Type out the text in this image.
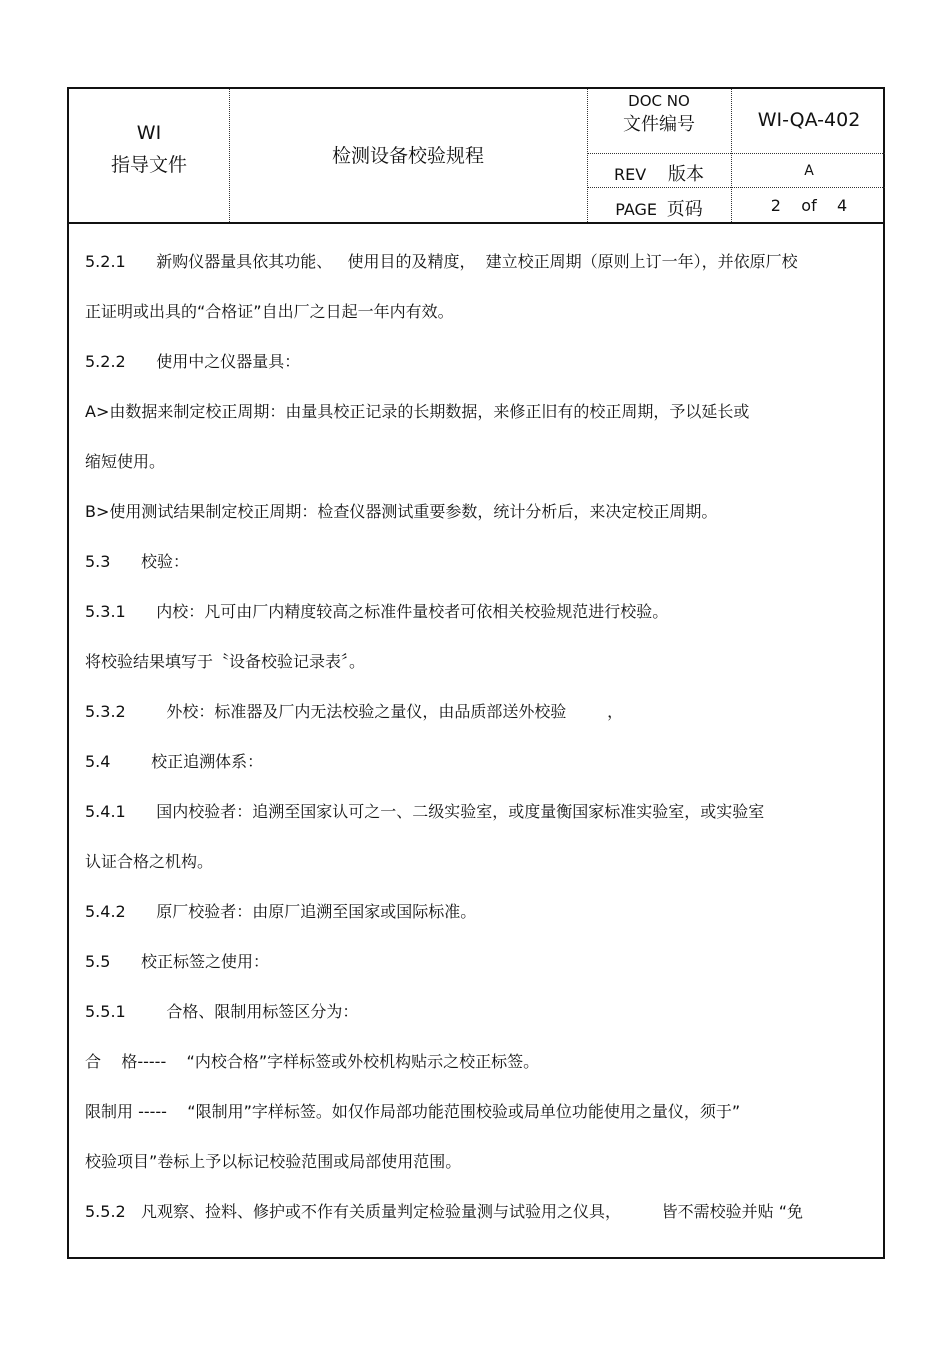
WI
指导文件	检测设备校验规程
DOC NO
文件编号	WI-QA-402
REV 版本	A
PAGE 页码	2    of    4
5.2.1      新购仪器量具依其功能、   使用目的及精度，  建立校正周期（原则上订一年），并依原厂校
正证明或出具的“合格证”自出厂之日起一年内有效。
5.2.2      使用中之仪器量具：
A>由数据来制定校正周期：由量具校正记录的长期数据，来修正旧有的校正周期，予以延长或
缩短使用。
B>使用测试结果制定校正周期：检查仪器测试重要参数，统计分析后，来决定校正周期。
5.3      校验：
5.3.1      内校：凡可由厂内精度较高之标准件量校者可依相关校验规范进行校验。
将校验结果填写于〝设备校验记录表〞。
5.3.2        外校：标准器及厂内无法校验之量仪，由品质部送外校验        ，
5.4        校正追溯体系：
5.4.1      国内校验者：追溯至国家认可之一、二级实验室，或度量衡国家标准实验室，或实验室
认证合格之机构。
5.4.2      原厂校验者：由原厂追溯至国家或国际标准。
5.5      校正标签之使用：
5.5.1        合格、限制用标签区分为：
合    格-----    “内校合格”字样标签或外校机构贴示之校正标签。
限制用 -----    “限制用”字样标签。如仅作局部功能范围校验或局单位功能使用之量仪，须于”
校验项目”卷标上予以标记校验范围或局部使用范围。
5.5.2   凡观察、捡料、修护或不作有关质量判定检验量测与试验用之仪具，        皆不需校验并贴 “免
